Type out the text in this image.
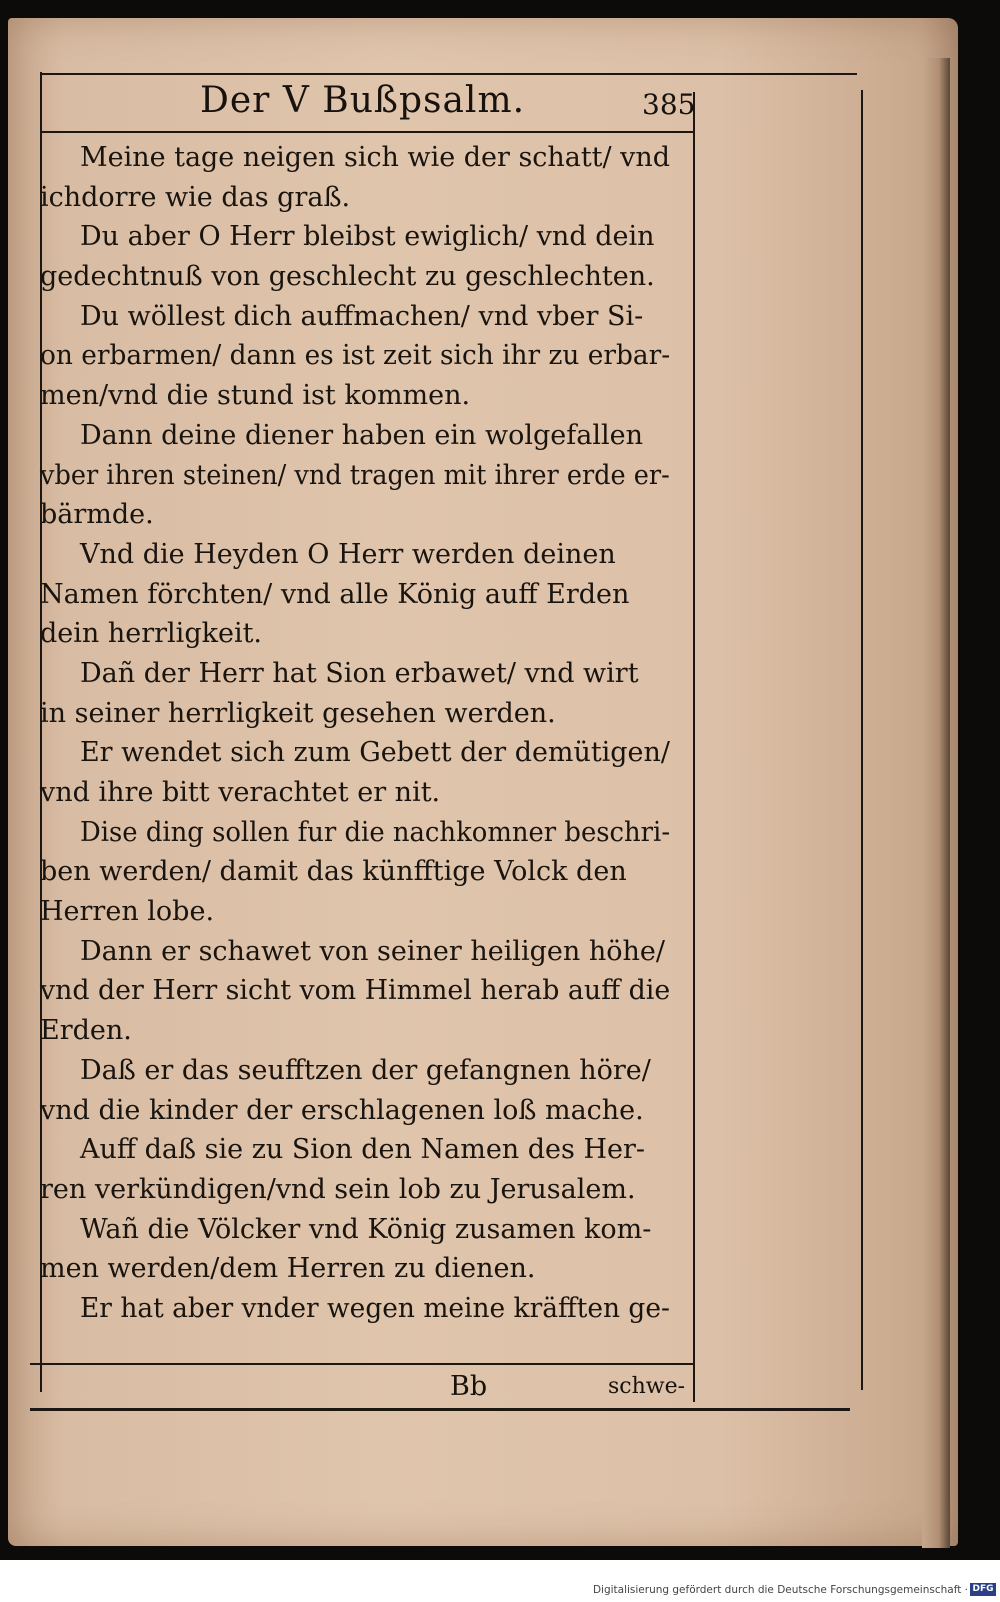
Der V Bußpsalm.	385
Meine tage neigen sich wie der schatt/ vnd
ichdorre wie das graß.
Du aber O Herr bleibst ewiglich/ vnd dein
gedechtnuß von geschlecht zu geschlechten.
Du wöllest dich auffmachen/ vnd vber Si-
on erbarmen/ dann es ist zeit sich ihr zu erbar-
men/vnd die stund ist kommen.
Dann deine diener haben ein wolgefallen
vber ihren steinen/ vnd tragen mit ihrer erde er-
bärmde.
Vnd die Heyden O Herr werden deinen
Namen förchten/ vnd alle König auff Erden
dein herrligkeit.
Dañ der Herr hat Sion erbawet/ vnd wirt
in seiner herrligkeit gesehen werden.
Er wendet sich zum Gebett der demütigen/
vnd ihre bitt verachtet er nit.
Dise ding sollen fur die nachkomner beschri-
ben werden/ damit das künfftige Volck den
Herren lobe.
Dann er schawet von seiner heiligen höhe/
vnd der Herr sicht vom Himmel herab auff die
Erden.
Daß er das seufftzen der gefangnen höre/
vnd die kinder der erschlagenen loß mache.
Auff daß sie zu Sion den Namen des Her-
ren verkündigen/vnd sein lob zu Jerusalem.
Wañ die Völcker vnd König zusamen kom-
men werden/dem Herren zu dienen.
Er hat aber vnder wegen meine kräfften ge-
Bb	schwe-
Digitalisierung gefördert durch die Deutsche Forschungsgemeinschaft · DFG
